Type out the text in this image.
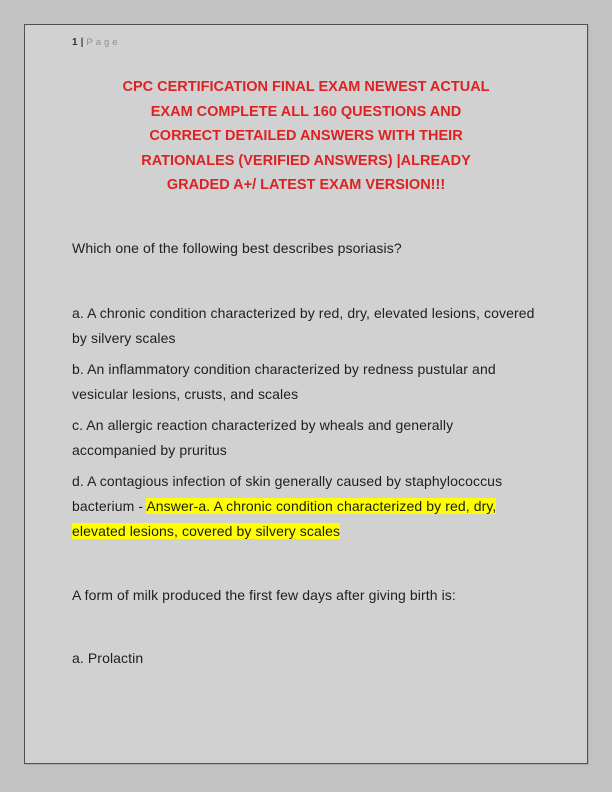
1 | Page
CPC CERTIFICATION FINAL EXAM NEWEST ACTUAL
EXAM COMPLETE ALL 160 QUESTIONS AND
CORRECT DETAILED ANSWERS WITH THEIR
RATIONALES (VERIFIED ANSWERS) |ALREADY
GRADED A+/ LATEST EXAM VERSION!!!

Which one of the following best describes psoriasis?

a. A chronic condition characterized by red, dry, elevated lesions, covered by silvery scales

b. An inflammatory condition characterized by redness pustular and vesicular lesions, crusts, and scales

c. An allergic reaction characterized by wheals and generally accompanied by pruritus

d. A contagious infection of skin generally caused by staphylococcus bacterium - Answer-a. A chronic condition characterized by red, dry, elevated lesions, covered by silvery scales

A form of milk produced the first few days after giving birth is:

a. Prolactin
